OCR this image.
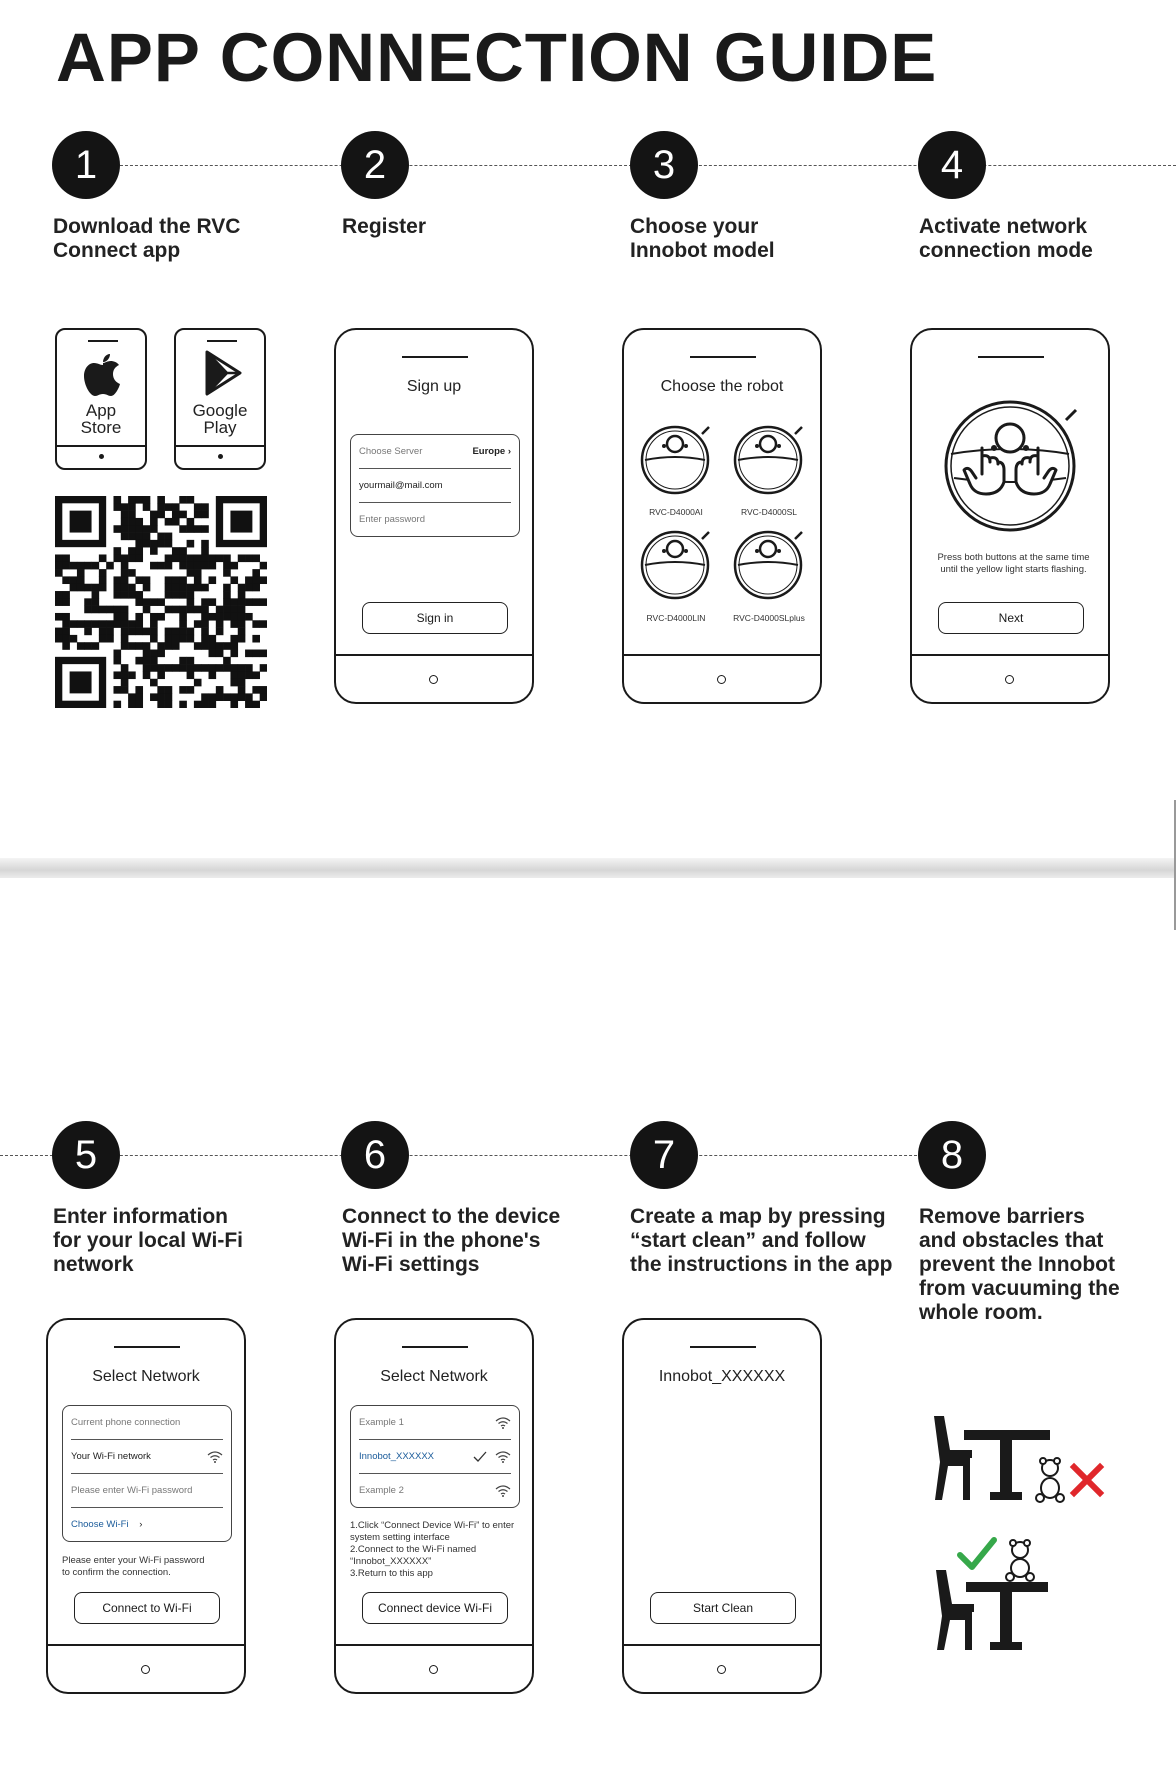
APP CONNECTION GUIDE
1	2	3	4
Download the RVC
Connect app
Register	Choose your
Innobot model
Activate network
connection mode
App
Store
Google
Play
Sign up
Choose Server	Europe ›
yourmail@mail.com
Enter password
Sign in
Choose the robot
RVC-D4000AI	RVC-D4000SL
RVC-D4000LIN	RVC-D4000SLplus
Press both buttons at the same time
until the yellow light starts flashing.
Next
5	6	7	8
Enter information
for your local Wi-Fi
network
Connect to the device
Wi-Fi in the phone's
Wi-Fi settings
Create a map by pressing
“start clean” and follow
the instructions in the app
Remove barriers
and obstacles that
prevent the Innobot
from vacuuming the
whole room.
Select Network
Current phone connection
Your Wi-Fi network
Please enter Wi-Fi password
Choose Wi-Fi ›
Please enter your Wi-Fi password
to confirm the connection.
Connect to Wi-Fi
Select Network
Example 1
Innobot_XXXXXX
Example 2
1.Click “Connect Device Wi-Fi” to enter
system setting interface
2.Connect to the Wi-Fi named
“Innobot_XXXXXX”
3.Return to this app
Connect device Wi-Fi
Innobot_XXXXXX
Start Clean
